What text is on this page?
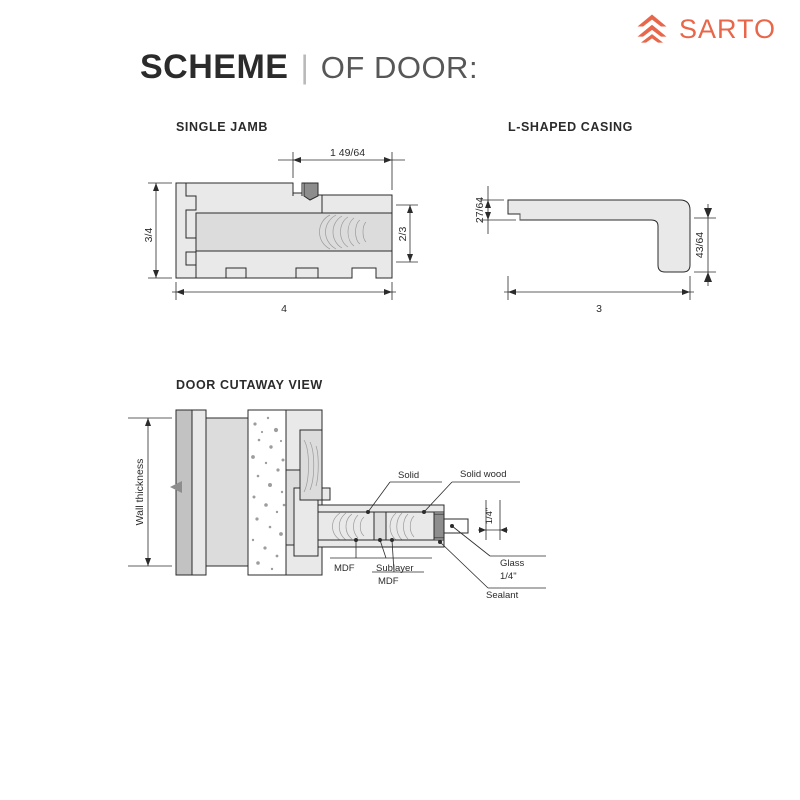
SARTO
SCHEME | OF DOOR:
SINGLE JAMB	L-SHAPED CASING
DOOR CUTAWAY VIEW
1 49/64
3/4	2/3
4
27/64
43/64
3
Wall thickness	1/4"
Solid	Solid wood
MDF Sublayer
MDF
Glass
1/4"
Sealant
